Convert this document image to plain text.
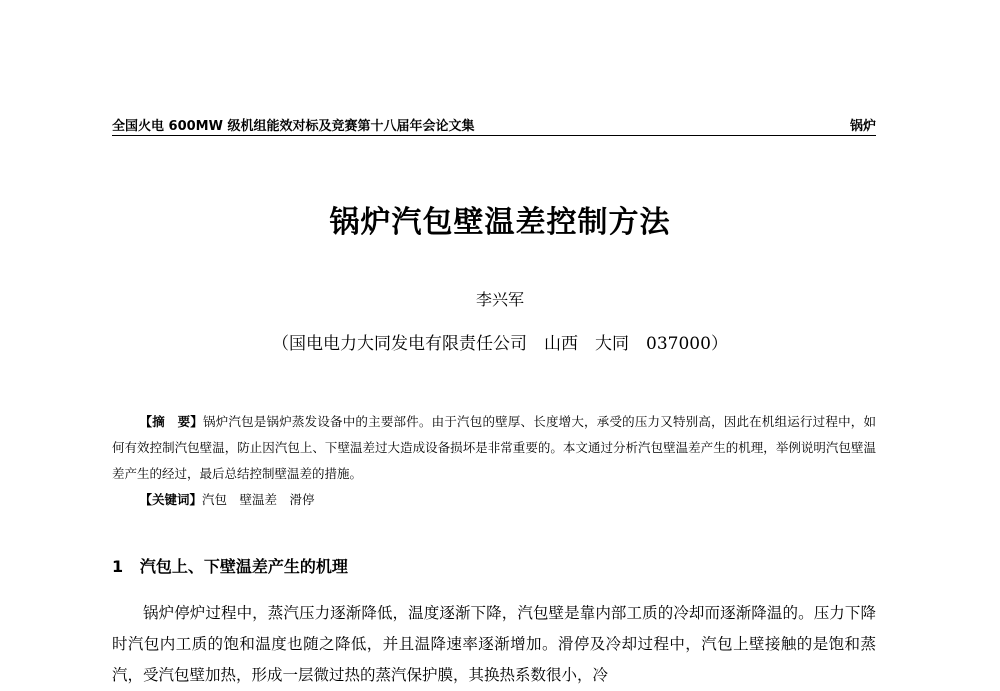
全国火电 600MW 级机组能效对标及竞赛第十八届年会论文集	锅炉
锅炉汽包壁温差控制方法
李兴军
（国电电力大同发电有限责任公司　山西　大同　037000）

【摘　要】锅炉汽包是锅炉蒸发设备中的主要部件。由于汽包的壁厚、长度增大，承受的压力又特别高，因此在机组运行过程中，如何有效控制汽包壁温，防止因汽包上、下壁温差过大造成设备损坏是非常重要的。本文通过分析汽包壁温差产生的机理，举例说明汽包壁温差产生的经过，最后总结控制壁温差的措施。

【关键词】汽包　壁温差　滑停

1 汽包上、下壁温差产生的机理

锅炉停炉过程中，蒸汽压力逐渐降低，温度逐渐下降，汽包壁是靠内部工质的冷却而逐渐降温的。压力下降时汽包内工质的饱和温度也随之降低，并且温降速率逐渐增加。滑停及冷却过程中，汽包上壁接触的是饱和蒸汽，受汽包壁加热，形成一层微过热的蒸汽保护膜，其换热系数很小，冷
